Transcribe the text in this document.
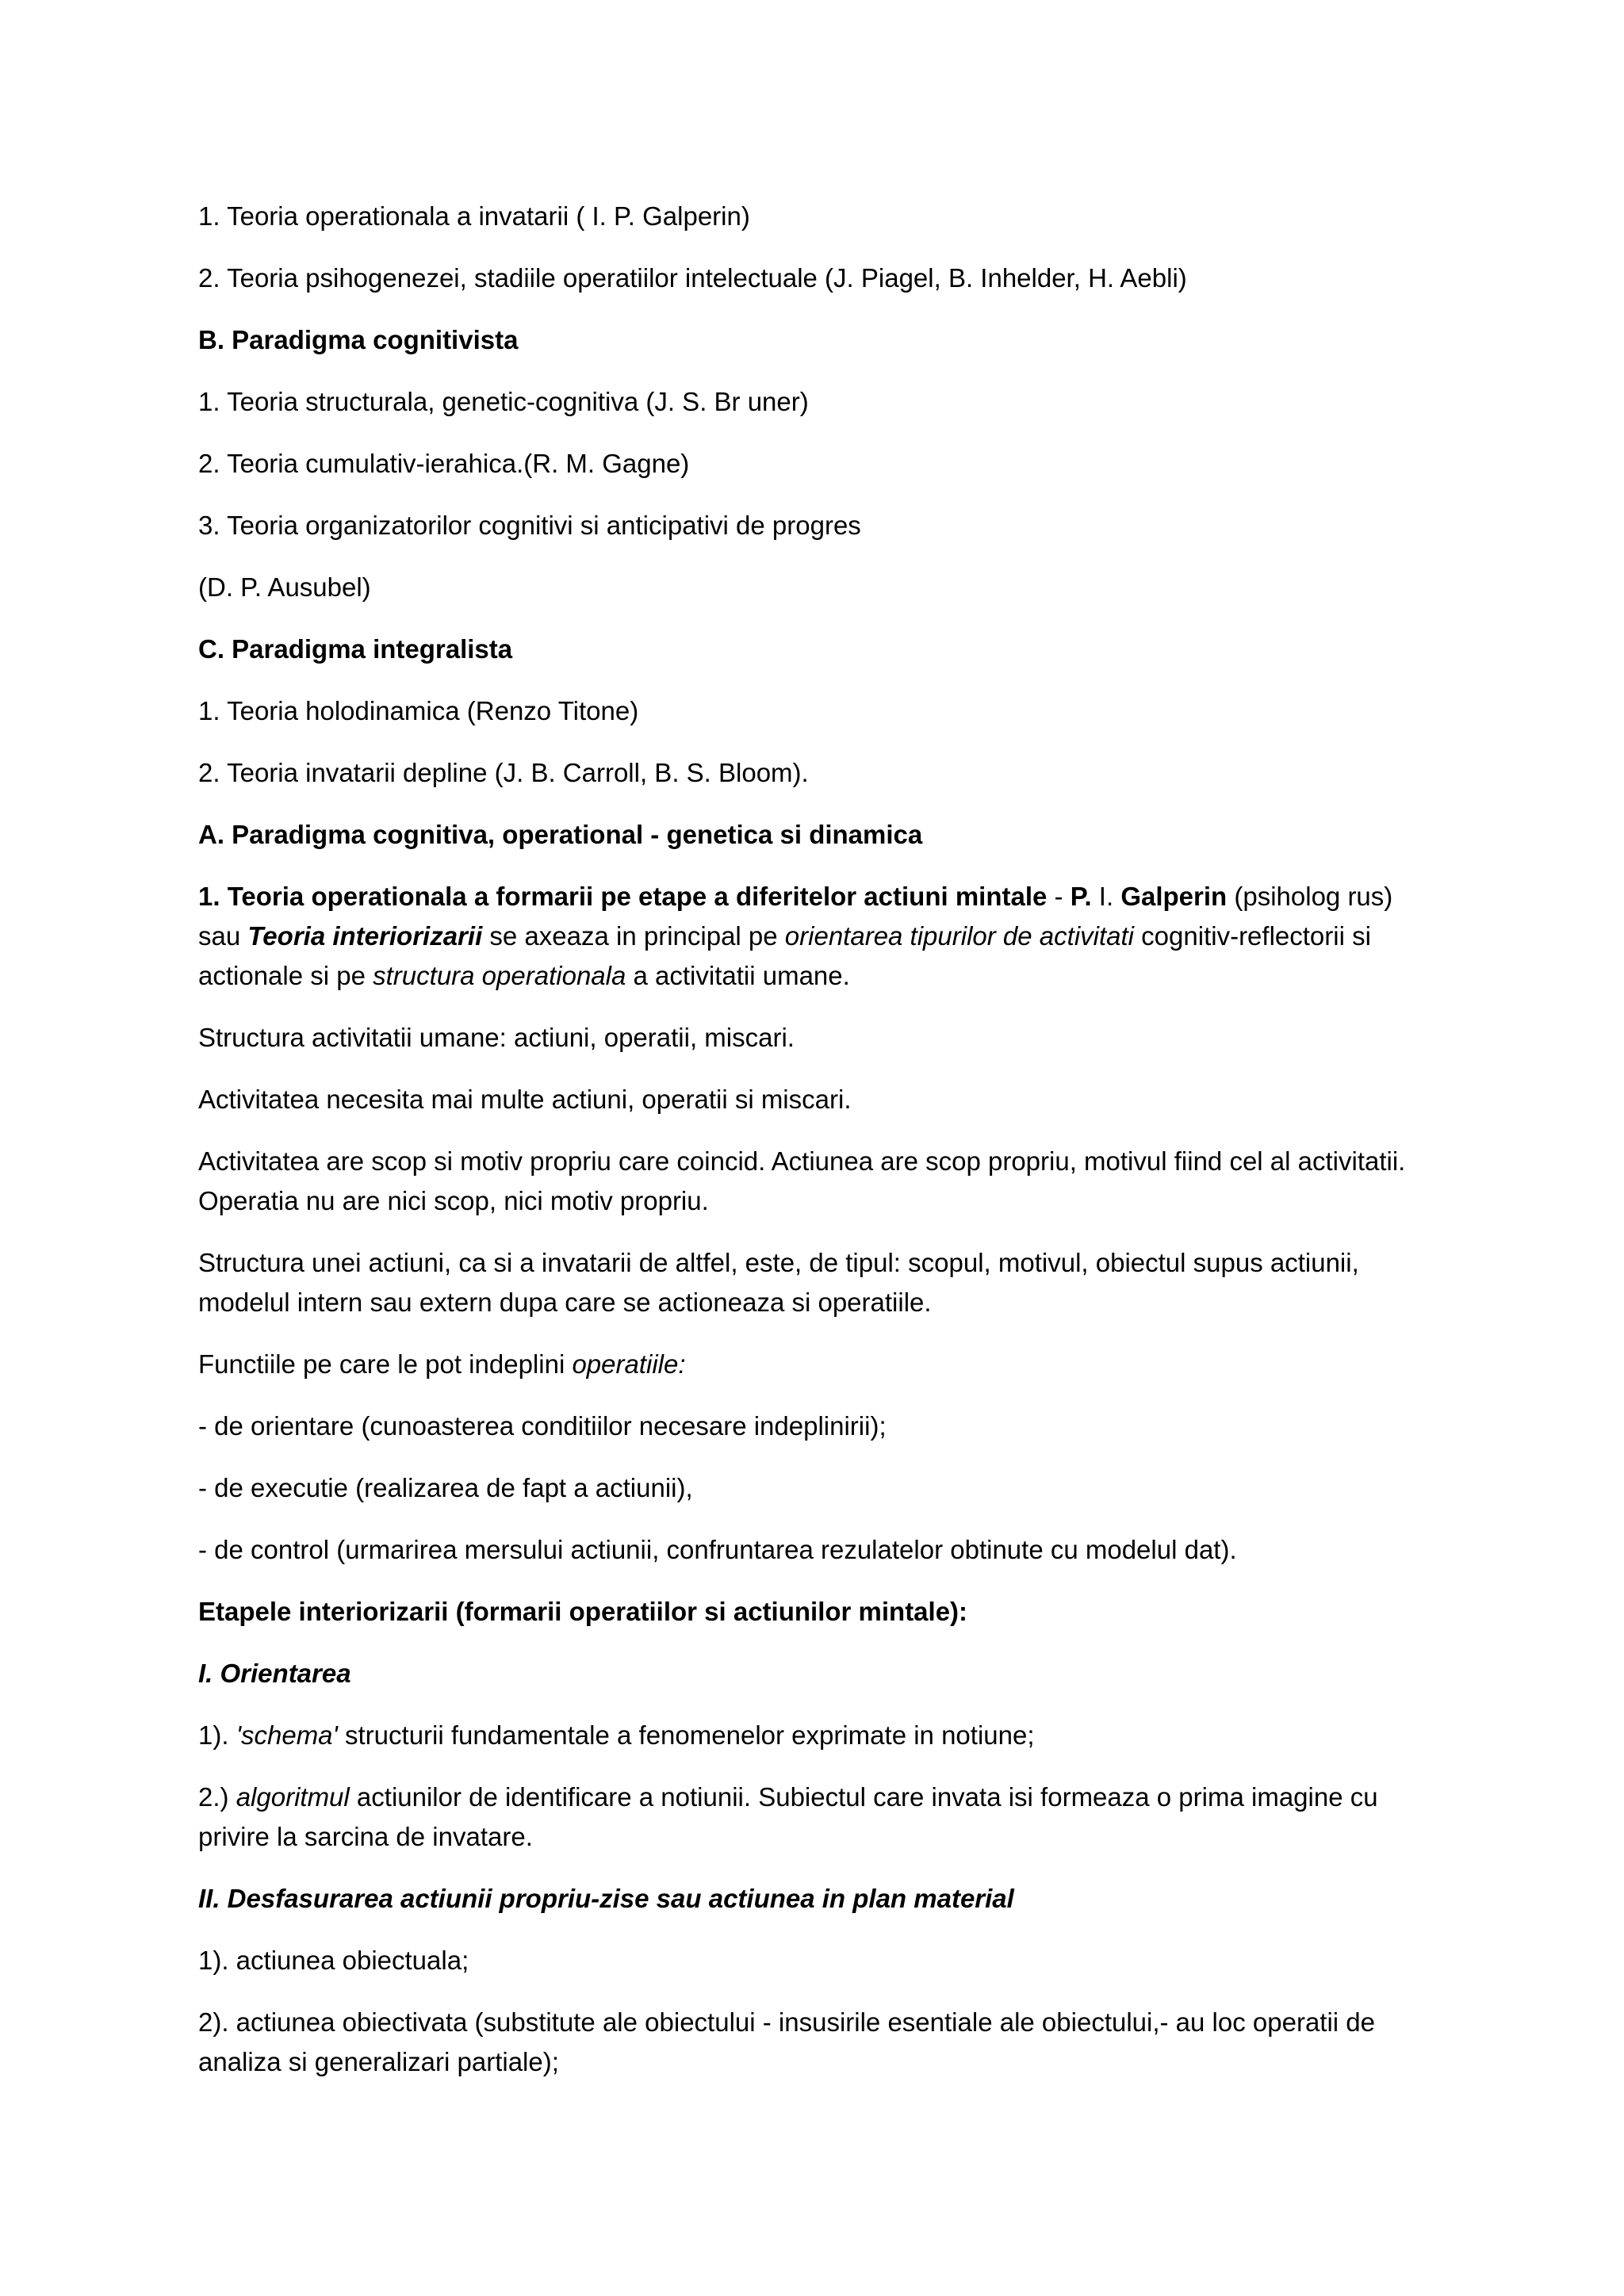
1. Teoria operationala a invatarii ( I. P. Galperin)

2. Teoria psihogenezei, stadiile operatiilor intelectuale (J. Piagel, B. Inhelder, H. Aebli)

B. Paradigma cognitivista

1. Teoria structurala, genetic-cognitiva (J. S. Br uner)

2. Teoria cumulativ-ierahica.(R. M. Gagne)

3. Teoria organizatorilor cognitivi si anticipativi de progres

(D. P. Ausubel)

C. Paradigma integralista

1. Teoria holodinamica (Renzo Titone)

2. Teoria invatarii depline (J. B. Carroll, B. S. Bloom).

A. Paradigma cognitiva, operational - genetica si dinamica

1. Teoria operationala a formarii pe etape a diferitelor actiuni mintale - P. I. Galperin (psiholog rus) sau Teoria interiorizarii se axeaza in principal pe orientarea tipurilor de activitati cognitiv-reflectorii si actionale si pe structura operationala a activitatii umane.

Structura activitatii umane: actiuni, operatii, miscari.

Activitatea necesita mai multe actiuni, operatii si miscari.

Activitatea are scop si motiv propriu care coincid. Actiunea are scop propriu, motivul fiind cel al activitatii. Operatia nu are nici scop, nici motiv propriu.

Structura unei actiuni, ca si a invatarii de altfel, este, de tipul: scopul, motivul, obiectul supus actiunii, modelul intern sau extern dupa care se actioneaza si operatiile.

Functiile pe care le pot indeplini operatiile:

- de orientare (cunoasterea conditiilor necesare indeplinirii);

- de executie (realizarea de fapt a actiunii),

- de control (urmarirea mersului actiunii, confruntarea rezulatelor obtinute cu modelul dat).

Etapele interiorizarii (formarii operatiilor si actiunilor mintale):

I. Orientarea

1). 'schema' structurii fundamentale a fenomenelor exprimate in notiune;

2.) algoritmul actiunilor de identificare a notiunii. Subiectul care invata isi formeaza o prima imagine cu privire la sarcina de invatare.

II. Desfasurarea actiunii propriu-zise sau actiunea in plan material

1). actiunea obiectuala;

2). actiunea obiectivata (substitute ale obiectului - insusirile esentiale ale obiectului,- au loc operatii de analiza si generalizari partiale);
